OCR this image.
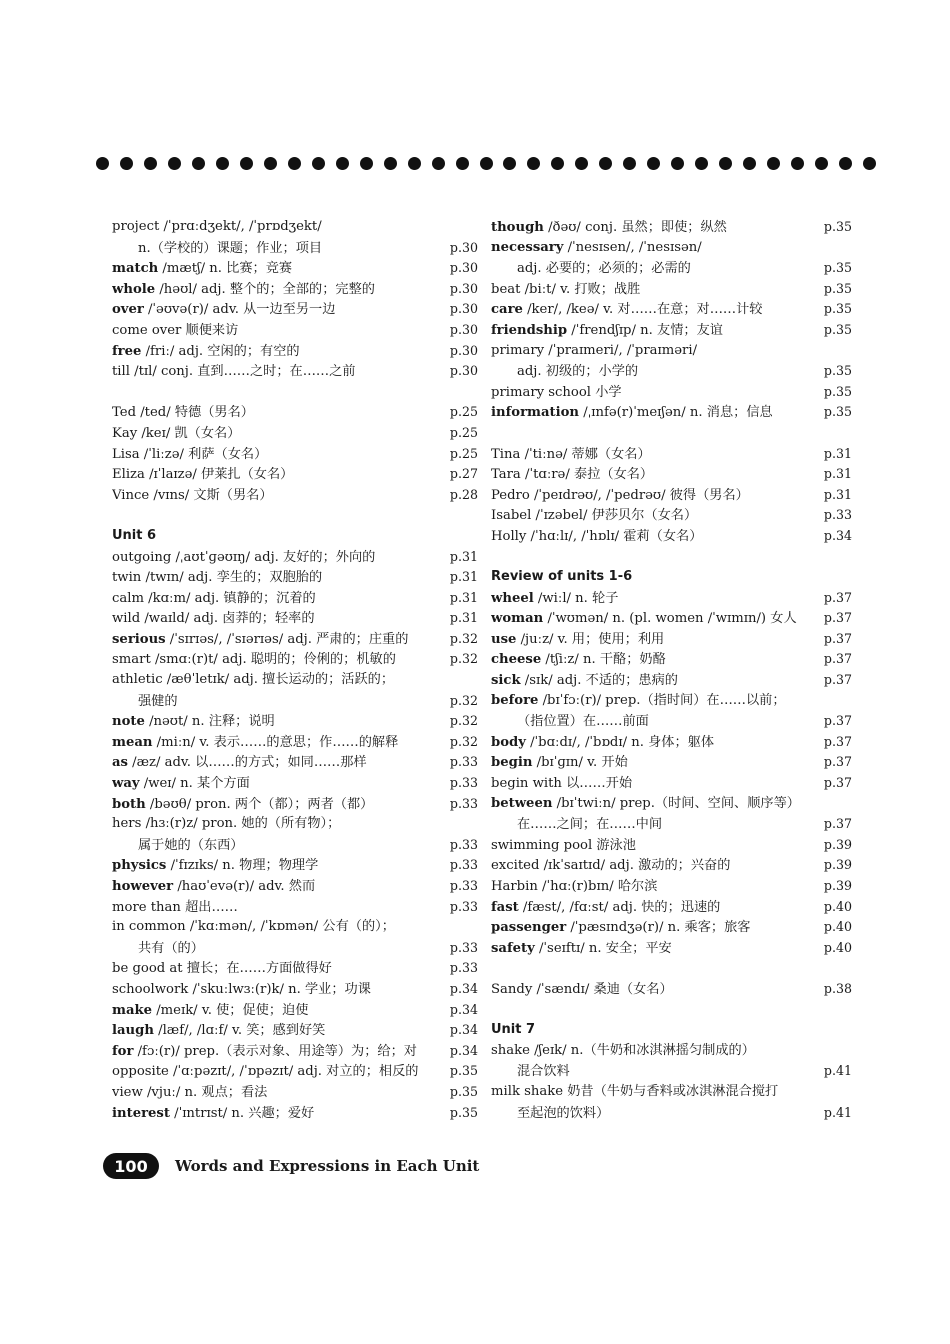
project /ˈprɑːdʒekt/, /ˈprɒdʒekt/
n.（学校的）课题；作业；项目	p.30
match /mætʃ/ n. 比赛；竞赛	p.30
whole /həʊl/ adj. 整个的；全部的；完整的	p.30
over /ˈəʊvə(r)/ adv. 从一边至另一边	p.30
come over 顺便来访	p.30
free /friː/ adj. 空闲的；有空的	p.30
till /tɪl/ conj. 直到……之时；在……之前	p.30
Ted /ted/ 特德（男名）	p.25
Kay /keɪ/ 凯（女名）	p.25
Lisa /ˈliːzə/ 利萨（女名）	p.25
Eliza /ɪˈlaɪzə/ 伊莱扎（女名）	p.27
Vince /vɪns/ 文斯（男名）	p.28
Unit 6
outgoing /ˌaʊtˈɡəʊɪŋ/ adj. 友好的；外向的	p.31
twin /twɪn/ adj. 孪生的；双胞胎的	p.31
calm /kɑːm/ adj. 镇静的；沉着的	p.31
wild /waɪld/ adj. 卤莽的；轻率的	p.31
serious /ˈsɪrɪəs/, /ˈsɪərɪəs/ adj. 严肃的；庄重的	p.32
smart /smɑː(r)t/ adj. 聪明的；伶俐的；机敏的	p.32
athletic /æθˈletɪk/ adj. 擅长运动的；活跃的；
强健的	p.32
note /nəʊt/ n. 注释；说明	p.32
mean /miːn/ v. 表示……的意思；作……的解释	p.32
as /æz/ adv. 以……的方式；如同……那样	p.33
way /weɪ/ n. 某个方面	p.33
both /bəʊθ/ pron. 两个（都）；两者（都）	p.33
hers /hɜː(r)z/ pron. 她的（所有物）；
属于她的（东西）	p.33
physics /ˈfɪzɪks/ n. 物理；物理学	p.33
however /haʊˈevə(r)/ adv. 然而	p.33
more than 超出……	p.33
in common /ˈkɑːmən/, /ˈkɒmən/ 公有（的）；
共有（的）	p.33
be good at 擅长；在……方面做得好	p.33
schoolwork /ˈskuːlwɜː(r)k/ n. 学业；功课	p.34
make /meɪk/ v. 使；促使；迫使	p.34
laugh /læf/, /lɑːf/ v. 笑；感到好笑	p.34
for /fɔː(r)/ prep.（表示对象、用途等）为；给；对	p.34
opposite /ˈɑːpəzɪt/, /ˈɒpəzɪt/ adj. 对立的；相反的	p.35
view /vjuː/ n. 观点；看法	p.35
interest /ˈɪntrɪst/ n. 兴趣；爱好	p.35
though /ðəʊ/ conj. 虽然；即使；纵然	p.35
necessary /ˈnesɪsen/, /ˈnesɪsən/
adj. 必要的；必须的；必需的	p.35
beat /biːt/ v. 打败；战胜	p.35
care /ker/, /keə/ v. 对……在意；对……计较	p.35
friendship /ˈfrendʃɪp/ n. 友情；友谊	p.35
primary /ˈpraɪmeri/, /ˈpraɪməri/
adj. 初级的；小学的	p.35
primary school 小学	p.35
information /ˌɪnfə(r)ˈmeɪʃən/ n. 消息；信息	p.35
Tina /ˈtiːnə/ 蒂娜（女名）	p.31
Tara /ˈtɑːrə/ 泰拉（女名）	p.31
Pedro /ˈpeɪdrəʊ/, /ˈpedrəʊ/ 彼得（男名）	p.31
Isabel /ˈɪzəbel/ 伊莎贝尔（女名）	p.33
Holly /ˈhɑːlɪ/, /ˈhɒlɪ/ 霍莉（女名）	p.34
Review of units 1-6
wheel /wiːl/ n. 轮子	p.37
woman /ˈwʊmən/ n. (pl. women /ˈwɪmɪn/) 女人	p.37
use /juːz/ v. 用；使用；利用	p.37
cheese /tʃiːz/ n. 干酪；奶酪	p.37
sick /sɪk/ adj. 不适的；患病的	p.37
before /bɪˈfɔː(r)/ prep.（指时间）在……以前；
（指位置）在……前面	p.37
body /ˈbɑːdɪ/, /ˈbɒdɪ/ n. 身体；躯体	p.37
begin /bɪˈɡɪn/ v. 开始	p.37
begin with 以……开始	p.37
between /bɪˈtwiːn/ prep.（时间、空间、顺序等）
在……之间；在……中间	p.37
swimming pool 游泳池	p.39
excited /ɪkˈsaɪtɪd/ adj. 激动的；兴奋的	p.39
Harbin /ˈhɑː(r)bɪn/ 哈尔滨	p.39
fast /fæst/, /fɑːst/ adj. 快的；迅速的	p.40
passenger /ˈpæsɪndʒə(r)/ n. 乘客；旅客	p.40
safety /ˈseɪftɪ/ n. 安全；平安	p.40
Sandy /ˈsændɪ/ 桑迪（女名）	p.38
Unit 7
shake /ʃeɪk/ n.（牛奶和冰淇淋摇匀制成的）
混合饮料	p.41
milk shake 奶昔（牛奶与香料或冰淇淋混合搅打
至起泡的饮料）	p.41
100	Words and Expressions in Each Unit
